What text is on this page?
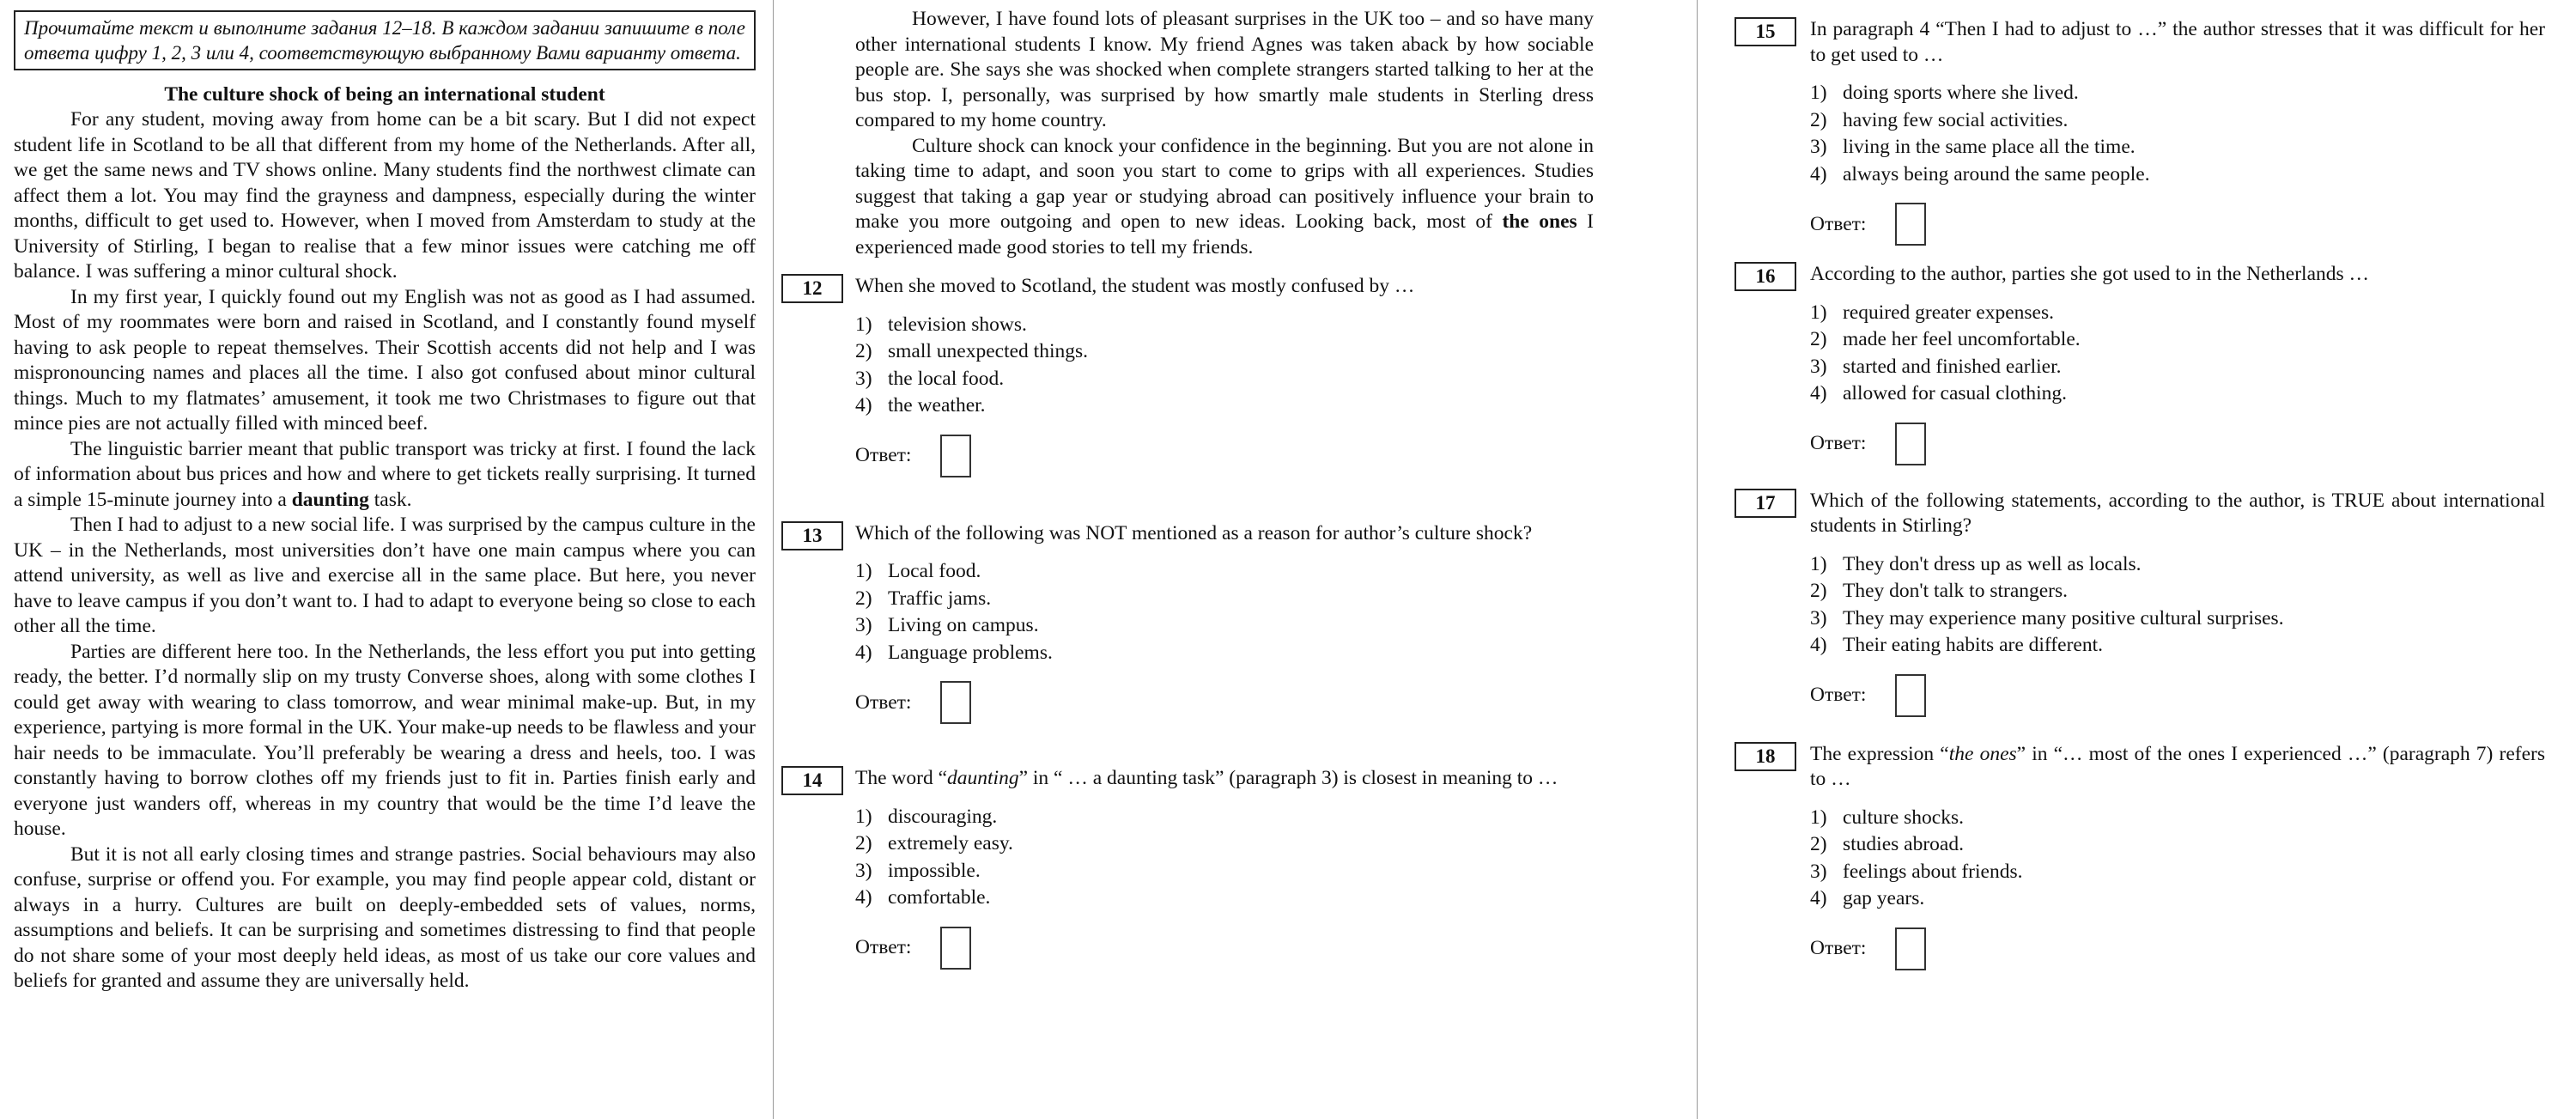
Прочитайте текст и выполните задания 12–18. В каждом задании запишите в поле ответа цифру 1, 2, 3 или 4, соответствующую выбранному Вами варианту ответа.
The culture shock of being an international student

For any student, moving away from home can be a bit scary. But I did not expect student life in Scotland to be all that different from my home of the Netherlands. After all, we get the same news and TV shows online. Many students find the northwest climate can affect them a lot. You may find the grayness and dampness, especially during the winter months, difficult to get used to. However, when I moved from Amsterdam to study at the University of Stirling, I began to realise that a few minor issues were catching me off balance. I was suffering a minor cultural shock.

In my first year, I quickly found out my English was not as good as I had assumed. Most of my roommates were born and raised in Scotland, and I constantly found myself having to ask people to repeat themselves. Their Scottish accents did not help and I was mispronouncing names and places all the time. I also got confused about minor cultural things. Much to my flatmates’ amusement, it took me two Christmases to figure out that mince pies are not actually filled with minced beef.

The linguistic barrier meant that public transport was tricky at first. I found the lack of information about bus prices and how and where to get tickets really surprising. It turned a simple 15-minute journey into a daunting task.

Then I had to adjust to a new social life. I was surprised by the campus culture in the UK – in the Netherlands, most universities don’t have one main campus where you can attend university, as well as live and exercise all in the same place. But here, you never have to leave campus if you don’t want to. I had to adapt to everyone being so close to each other all the time.

Parties are different here too. In the Netherlands, the less effort you put into getting ready, the better. I’d normally slip on my trusty Converse shoes, along with some clothes I could get away with wearing to class tomorrow, and wear minimal make-up. But, in my experience, partying is more formal in the UK. Your make-up needs to be flawless and your hair needs to be immaculate. You’ll preferably be wearing a dress and heels, too. I was constantly having to borrow clothes off my friends just to fit in. Parties finish early and everyone just wanders off, whereas in my country that would be the time I’d leave the house.

But it is not all early closing times and strange pastries. Social behaviours may also confuse, surprise or offend you. For example, you may find people appear cold, distant or always in a hurry. Cultures are built on deeply-embedded sets of values, norms, assumptions and beliefs. It can be surprising and sometimes distressing to find that people do not share some of your most deeply held ideas, as most of us take our core values and beliefs for granted and assume they are universally held.

However, I have found lots of pleasant surprises in the UK too – and so have many other international students I know. My friend Agnes was taken aback by how sociable people are. She says she was shocked when complete strangers started talking to her at the bus stop. I, personally, was surprised by how smartly male students in Sterling dress compared to my home country.

Culture shock can knock your confidence in the beginning. But you are not alone in taking time to adapt, and soon you start to come to grips with all experiences. Studies suggest that taking a gap year or studying abroad can positively influence your brain to make you more outgoing and open to new ideas. Looking back, most of the ones I experienced made good stories to tell my friends.

12	When she moved to Scotland, the student was mostly confused by …

1) television shows.
2) small unexpected things.
3) the local food.
4) the weather.
Ответ:
13	Which of the following was NOT mentioned as a reason for author’s culture shock?

1) Local food.
2) Traffic jams.
3) Living on campus.
4) Language problems.
Ответ:
14	The word “daunting” in “ … a daunting task” (paragraph 3) is closest in meaning to …

1) discouraging.
2) extremely easy.
3) impossible.
4) comfortable.
Ответ:
15	In paragraph 4 “Then I had to adjust to …” the author stresses that it was difficult for her to get used to …

1) doing sports where she lived.
2) having few social activities.
3) living in the same place all the time.
4) always being around the same people.
Ответ:
16	According to the author, parties she got used to in the Netherlands …

1) required greater expenses.
2) made her feel uncomfortable.
3) started and finished earlier.
4) allowed for casual clothing.
Ответ:
17	Which of the following statements, according to the author, is TRUE about international students in Stirling?

1) They don't dress up as well as locals.
2) They don't talk to strangers.
3) They may experience many positive cultural surprises.
4) Their eating habits are different.
Ответ:
18	The expression “the ones” in “… most of the ones I experienced …” (paragraph 7) refers to …

1) culture shocks.
2) studies abroad.
3) feelings about friends.
4) gap years.
Ответ:
